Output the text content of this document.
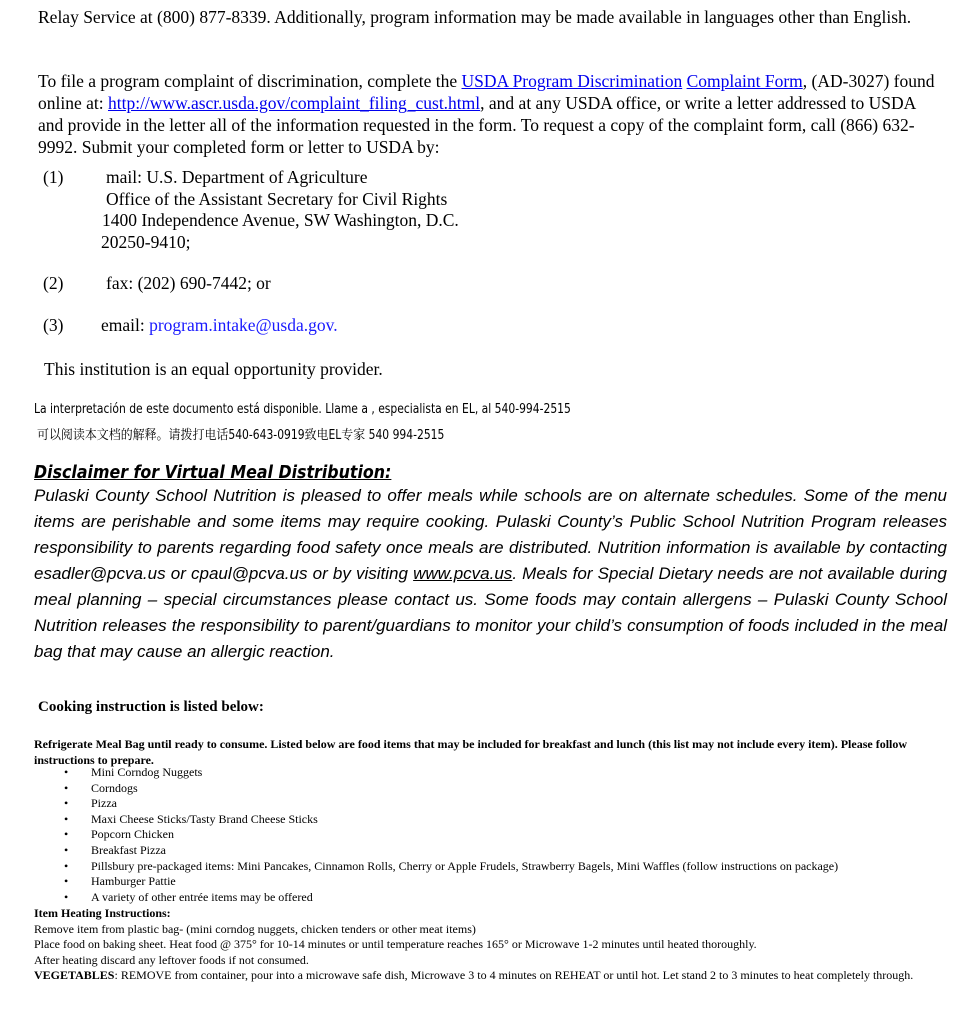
Relay Service at (800) 877-8339. Additionally, program information may be made available in languages other than English.
To file a program complaint of discrimination, complete the USDA Program Discrimination Complaint Form, (AD-3027) found online at: http://www.ascr.usda.gov/complaint_filing_cust.html, and at any USDA office, or write a letter addressed to USDA and provide in the letter all of the information requested in the form. To request a copy of the complaint form, call (866) 632-9992. Submit your completed form or letter to USDA by:
(1) mail: U.S. Department of Agriculture
Office of the Assistant Secretary for Civil Rights
1400 Independence Avenue, SW Washington, D.C.
20250-9410;
(2) fax: (202) 690-7442; or
(3) email: program.intake@usda.gov.
This institution is an equal opportunity provider.
La interpretación de este documento está disponible. Llame a , especialista en EL, al 540-994-2515
可以阅读本文档的解释。请拨打电话540-643-0919致电EL专家 540 994-2515
Disclaimer for Virtual Meal Distribution:
Pulaski County School Nutrition is pleased to offer meals while schools are on alternate schedules. Some of the menu items are perishable and some items may require cooking. Pulaski County’s Public School Nutrition Program releases responsibility to parents regarding food safety once meals are distributed. Nutrition information is available by contacting esadler@pcva.us or cpaul@pcva.us or by visiting www.pcva.us. Meals for Special Dietary needs are not available during meal planning – special circumstances please contact us. Some foods may contain allergens – Pulaski County School Nutrition releases the responsibility to parent/guardians to monitor your child’s consumption of foods included in the meal bag that may cause an allergic reaction.
Cooking instruction is listed below:
Refrigerate Meal Bag until ready to consume. Listed below are food items that may be included for breakfast and lunch (this list may not include every item). Please follow instructions to prepare.
• Mini Corndog Nuggets
• Corndogs
• Pizza
• Maxi Cheese Sticks/Tasty Brand Cheese Sticks
• Popcorn Chicken
• Breakfast Pizza
• Pillsbury pre-packaged items: Mini Pancakes, Cinnamon Rolls, Cherry or Apple Frudels, Strawberry Bagels, Mini Waffles (follow instructions on package)
• Hamburger Pattie
• A variety of other entrée items may be offered
Item Heating Instructions:
Remove item from plastic bag- (mini corndog nuggets, chicken tenders or other meat items)
Place food on baking sheet. Heat food @ 375° for 10-14 minutes or until temperature reaches 165° or Microwave 1-2 minutes until heated thoroughly.
After heating discard any leftover foods if not consumed.
VEGETABLES: REMOVE from container, pour into a microwave safe dish, Microwave 3 to 4 minutes on REHEAT or until hot. Let stand 2 to 3 minutes to heat completely through.
